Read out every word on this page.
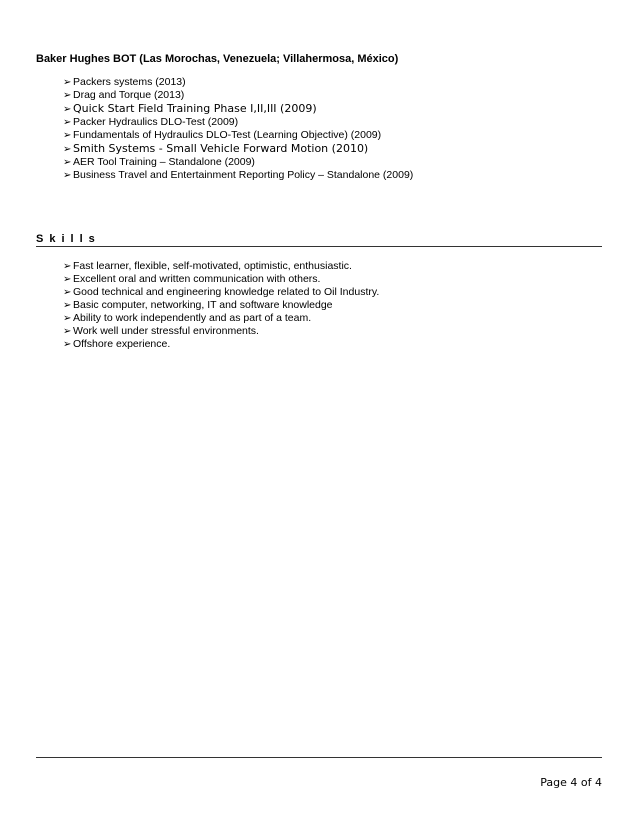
Baker Hughes BOT (Las Morochas, Venezuela; Villahermosa, México)
➢ Packers systems (2013)
➢ Drag and Torque (2013)
➢ Quick Start Field Training Phase I,II,III (2009)
➢ Packer Hydraulics DLO-Test (2009)
➢ Fundamentals of Hydraulics DLO-Test (Learning Objective) (2009)
➢ Smith Systems - Small Vehicle Forward Motion (2010)
➢ AER Tool Training – Standalone (2009)
➢ Business Travel and Entertainment Reporting Policy – Standalone (2009)
Skills
➢ Fast learner, flexible, self-motivated, optimistic, enthusiastic.
➢ Excellent oral and written communication with others.
➢ Good technical and engineering knowledge related to Oil Industry.
➢ Basic computer, networking, IT and software knowledge
➢ Ability to work independently and as part of a team.
➢ Work well under stressful environments.
➢ Offshore experience.
Page 4 of 4
